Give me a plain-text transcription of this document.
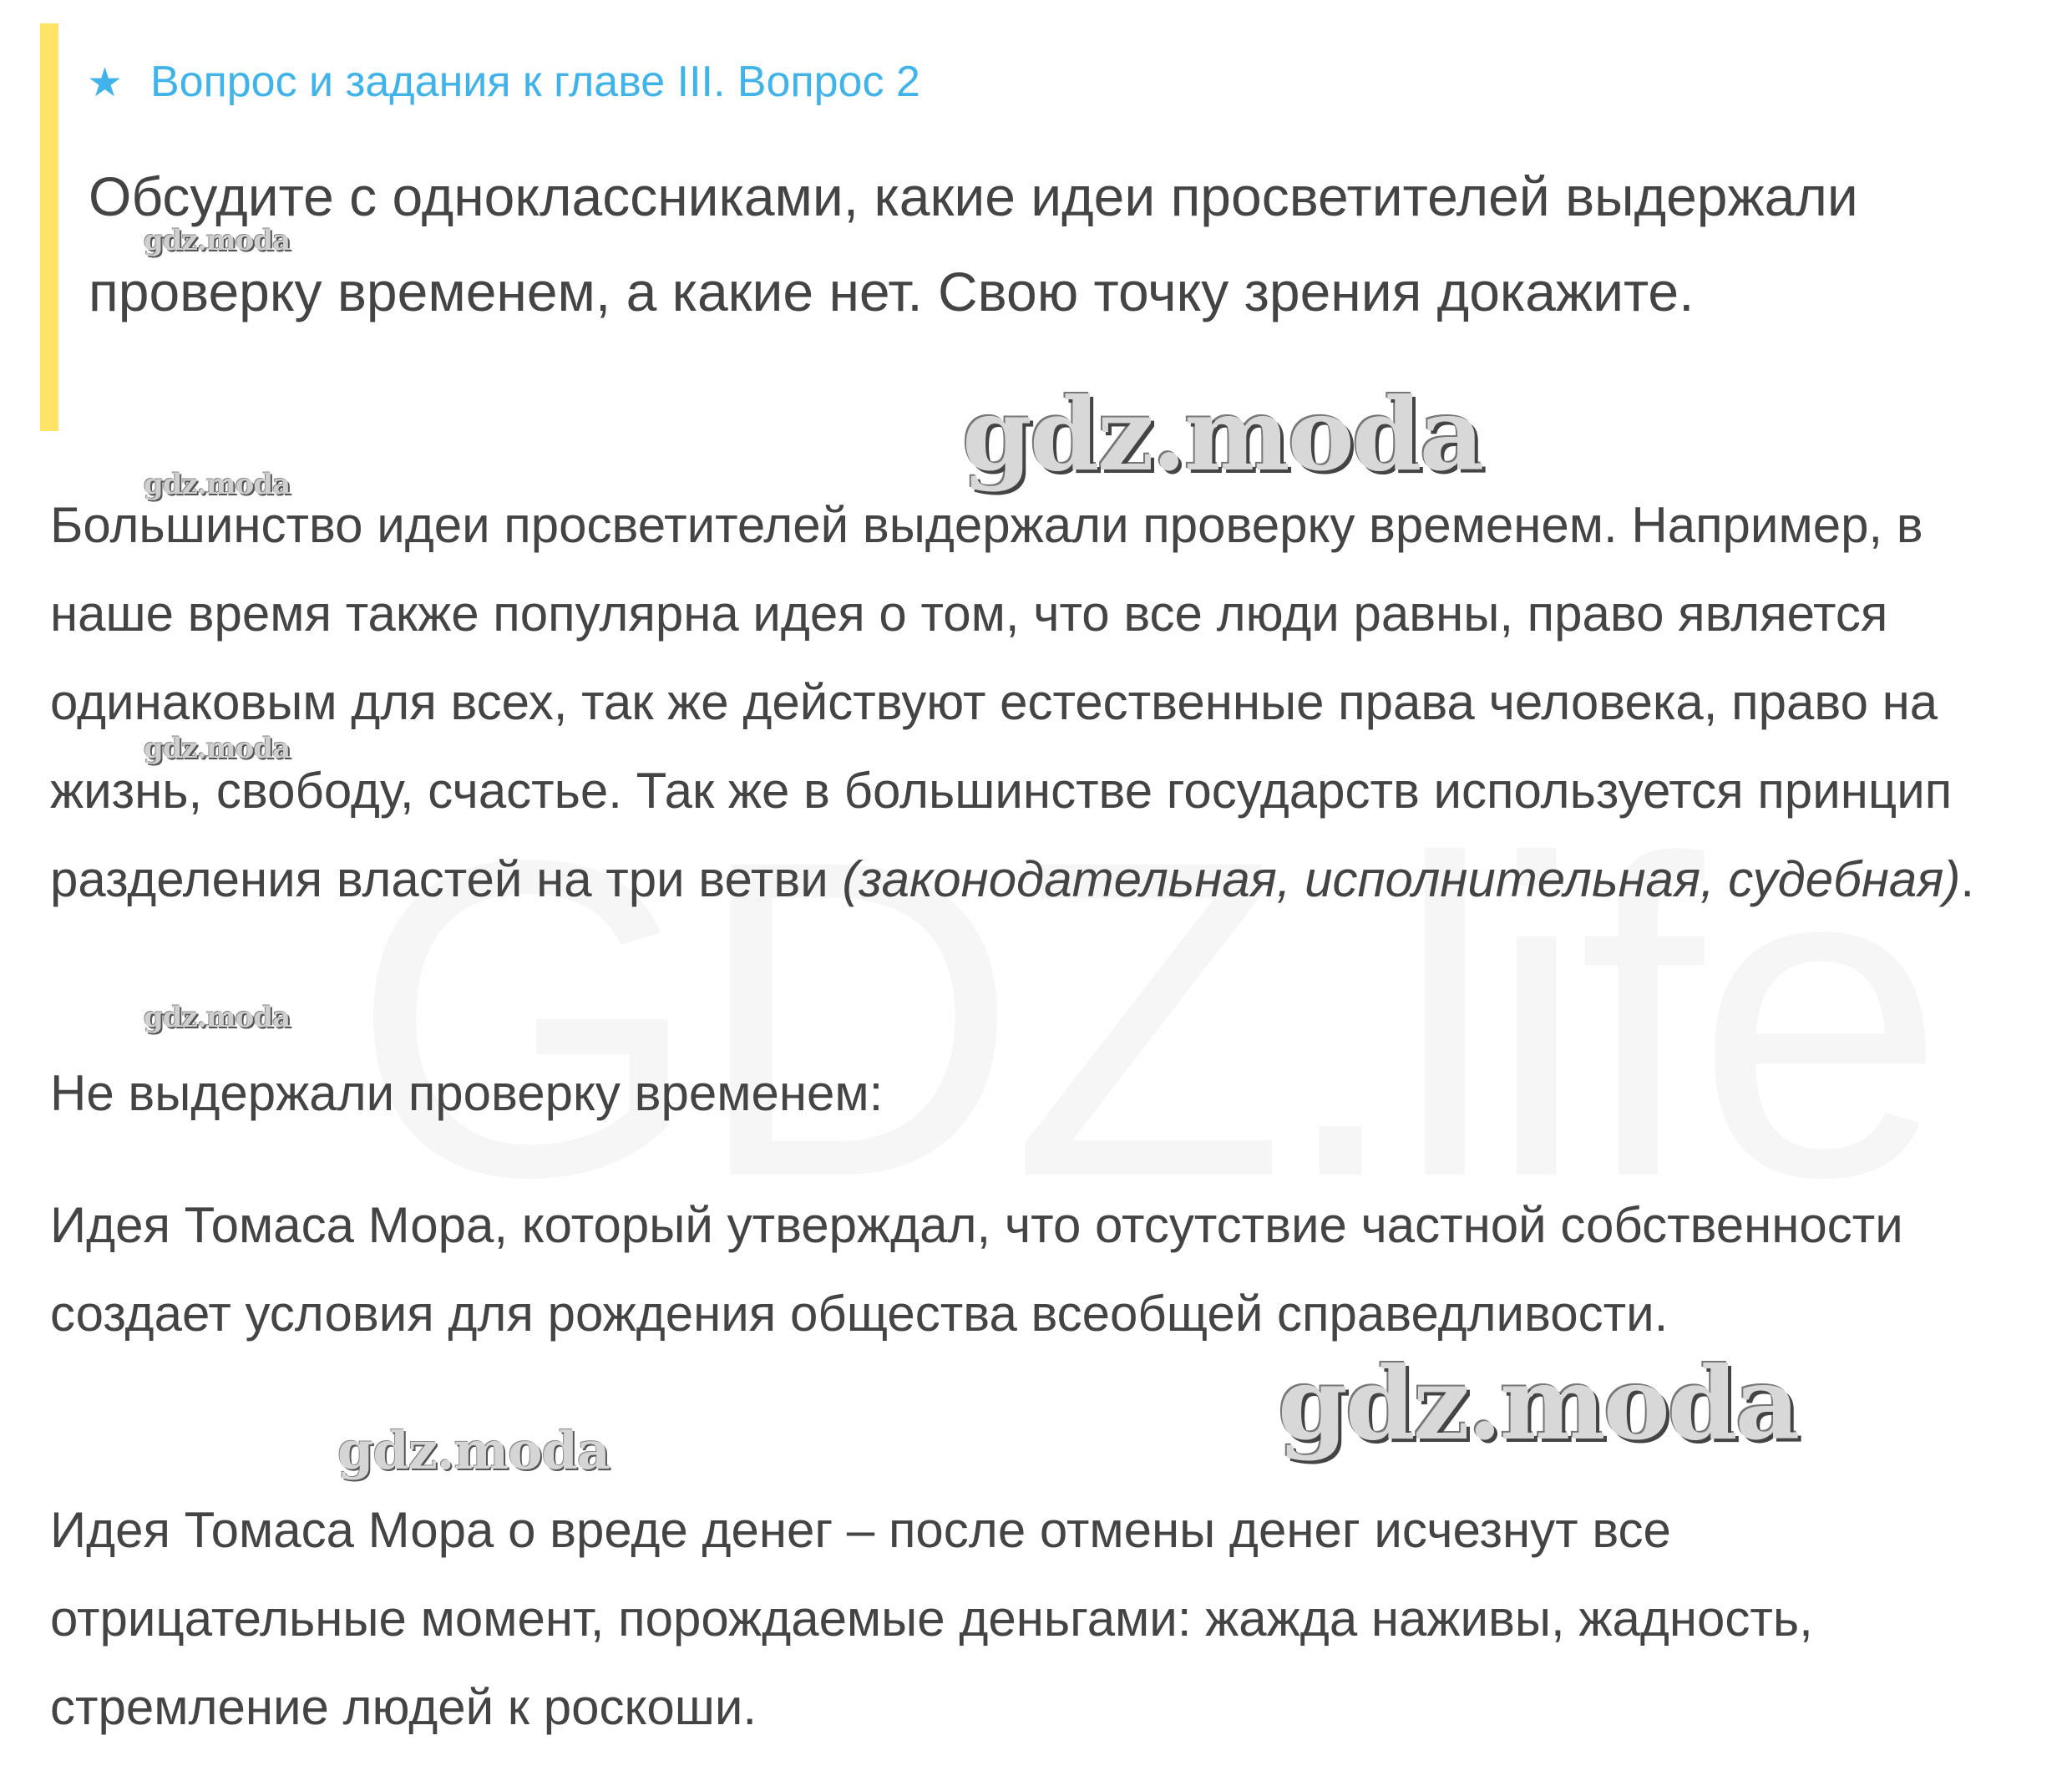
★ Вопрос и задания к главе III. Вопрос 2
Обсудите с одноклассниками, какие идеи просветителей выдержали проверку временем, а какие нет. Свою точку зрения докажите.

Большинство идеи просветителей выдержали проверку временем. Например, в наше время также популярна идея о том, что все люди равны, право является одинаковым для всех, так же действуют естественные права человека, право на жизнь, свободу, счастье. Так же в большинстве государств используется принцип разделения властей на три ветви (законодательная, исполнительная, судебная).

Не выдержали проверку временем:

Идея Томаса Мора, который утверждал, что отсутствие частной собственности создает условия для рождения общества всеобщей справедливости.

Идея Томаса Мора о вреде денег – после отмены денег исчезнут все отрицательные момент, порождаемые деньгами: жажда наживы, жадность, стремление людей к роскоши.

gdz.moda
gdz.moda
gdz.moda
gdz.moda
gdz.moda
gdz.moda
gdz.moda
